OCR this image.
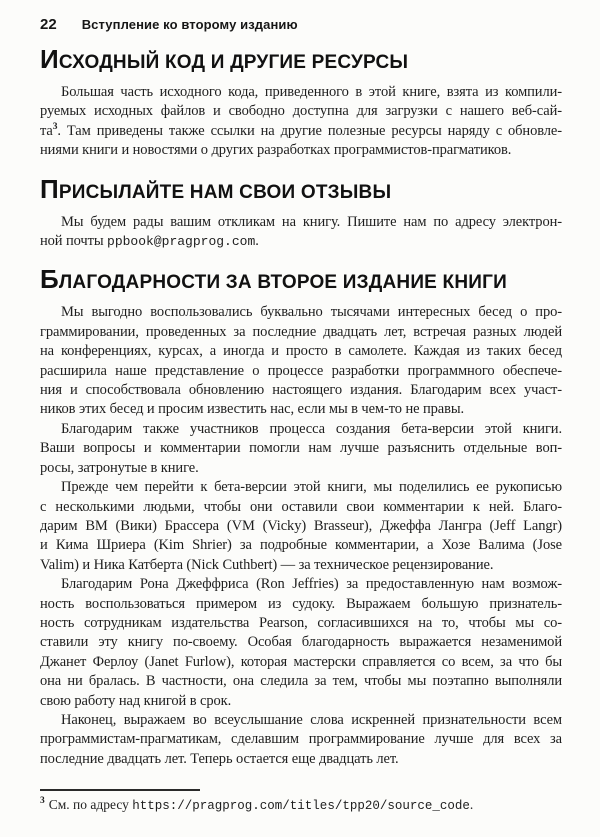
22 Вступление ко второму изданию
ИСХОДНЫЙ КОД И ДРУГИЕ РЕСУРСЫ
Большая часть исходного кода, приведенного в этой книге, взята из компили-
руемых исходных файлов и свободно доступна для загрузки с нашего веб-сай-
та$^3$. Там приведены также ссылки на другие полезные ресурсы наряду с обновле-
ниями книги и новостями о других разработках программистов-прагматиков.
ПРИСЫЛАЙТЕ НАМ СВОИ ОТЗЫВЫ
Мы будем рады вашим откликам на книгу. Пишите нам по адресу электрон-
ной почты ppbook@pragprog.com.
БЛАГОДАРНОСТИ ЗА ВТОРОЕ ИЗДАНИЕ КНИГИ
Мы выгодно воспользовались буквально тысячами интересных бесед о про-
граммировании, проведенных за последние двадцать лет, встречая разных людей
на конференциях, курсах, а иногда и просто в самолете. Каждая из таких бесед
расширила наше представление о процессе разработки программного обеспече-
ния и способствовала обновлению настоящего издания. Благодарим всех участ-
ников этих бесед и просим известить нас, если мы в чем-то не правы.
Благодарим также участников процесса создания бета-версии этой книги.
Ваши вопросы и комментарии помогли нам лучше разъяснить отдельные воп-
росы, затронутые в книге.
Прежде чем перейти к бета-версии этой книги, мы поделились ее рукописью
с несколькими людьми, чтобы они оставили свои комментарии к ней. Благо-
дарим ВМ (Вики) Брассера (VM (Vicky) Brasseur), Джеффа Лангра (Jeff Langr)
и Кима Шриера (Kim Shrier) за подробные комментарии, а Хозе Валима (Jose
Valim) и Ника Катберта (Nick Cuthbert) — за техническое рецензирование.
Благодарим Рона Джеффриса (Ron Jeffries) за предоставленную нам возмож-
ность воспользоваться примером из судоку. Выражаем большую признатель-
ность сотрудникам издательства Pearson, согласившихся на то, чтобы мы со-
ставили эту книгу по-своему. Особая благодарность выражается незаменимой
Джанет Ферлоу (Janet Furlow), которая мастерски справляется со всем, за что бы
она ни бралась. В частности, она следила за тем, чтобы мы поэтапно выполняли
свою работу над книгой в срок.
Наконец, выражаем во всеуслышание слова искренней признательности всем
программистам-прагматикам, сделавшим программирование лучше для всех за
последние двадцать лет. Теперь остается еще двадцать лет.
$^3$ См. по адресу https://pragprog.com/titles/tpp20/source_code.
